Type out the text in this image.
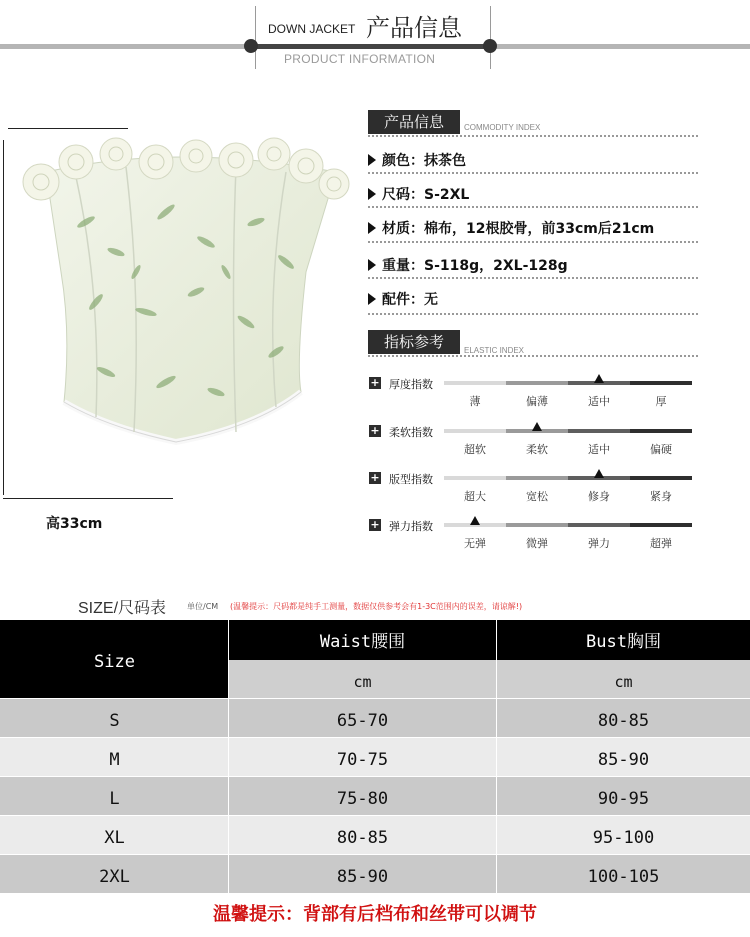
DOWN JACKET 产品信息
PRODUCT INFORMATION
高33cm
产品信息	COMMODITY INDEX
颜色：抹茶色
尺码：S-2XL
材质：棉布，12根胶骨，前33cm后21cm
重量：S-118g，2XL-128g
配件：无
指标参考	ELASTIC INDEX
+ 厚度指数
薄	偏薄	适中	厚
+ 柔软指数
超软	柔软	适中	偏硬
+ 版型指数
超大	宽松	修身	紧身
+ 弹力指数
无弹	微弹	弹力	超弹
SIZE/尺码表	单位/CM (温馨提示：尺码都是纯手工测量，数据仅供参考会有1-3C范围内的误差，请谅解!)
Size
Waist腰围	Bust胸围
cm	cm
S	65-70	80-85
M	70-75	85-90
L	75-80	90-95
XL	80-85	95-100
2XL	85-90	100-105
温馨提示：背部有后档布和丝带可以调节
